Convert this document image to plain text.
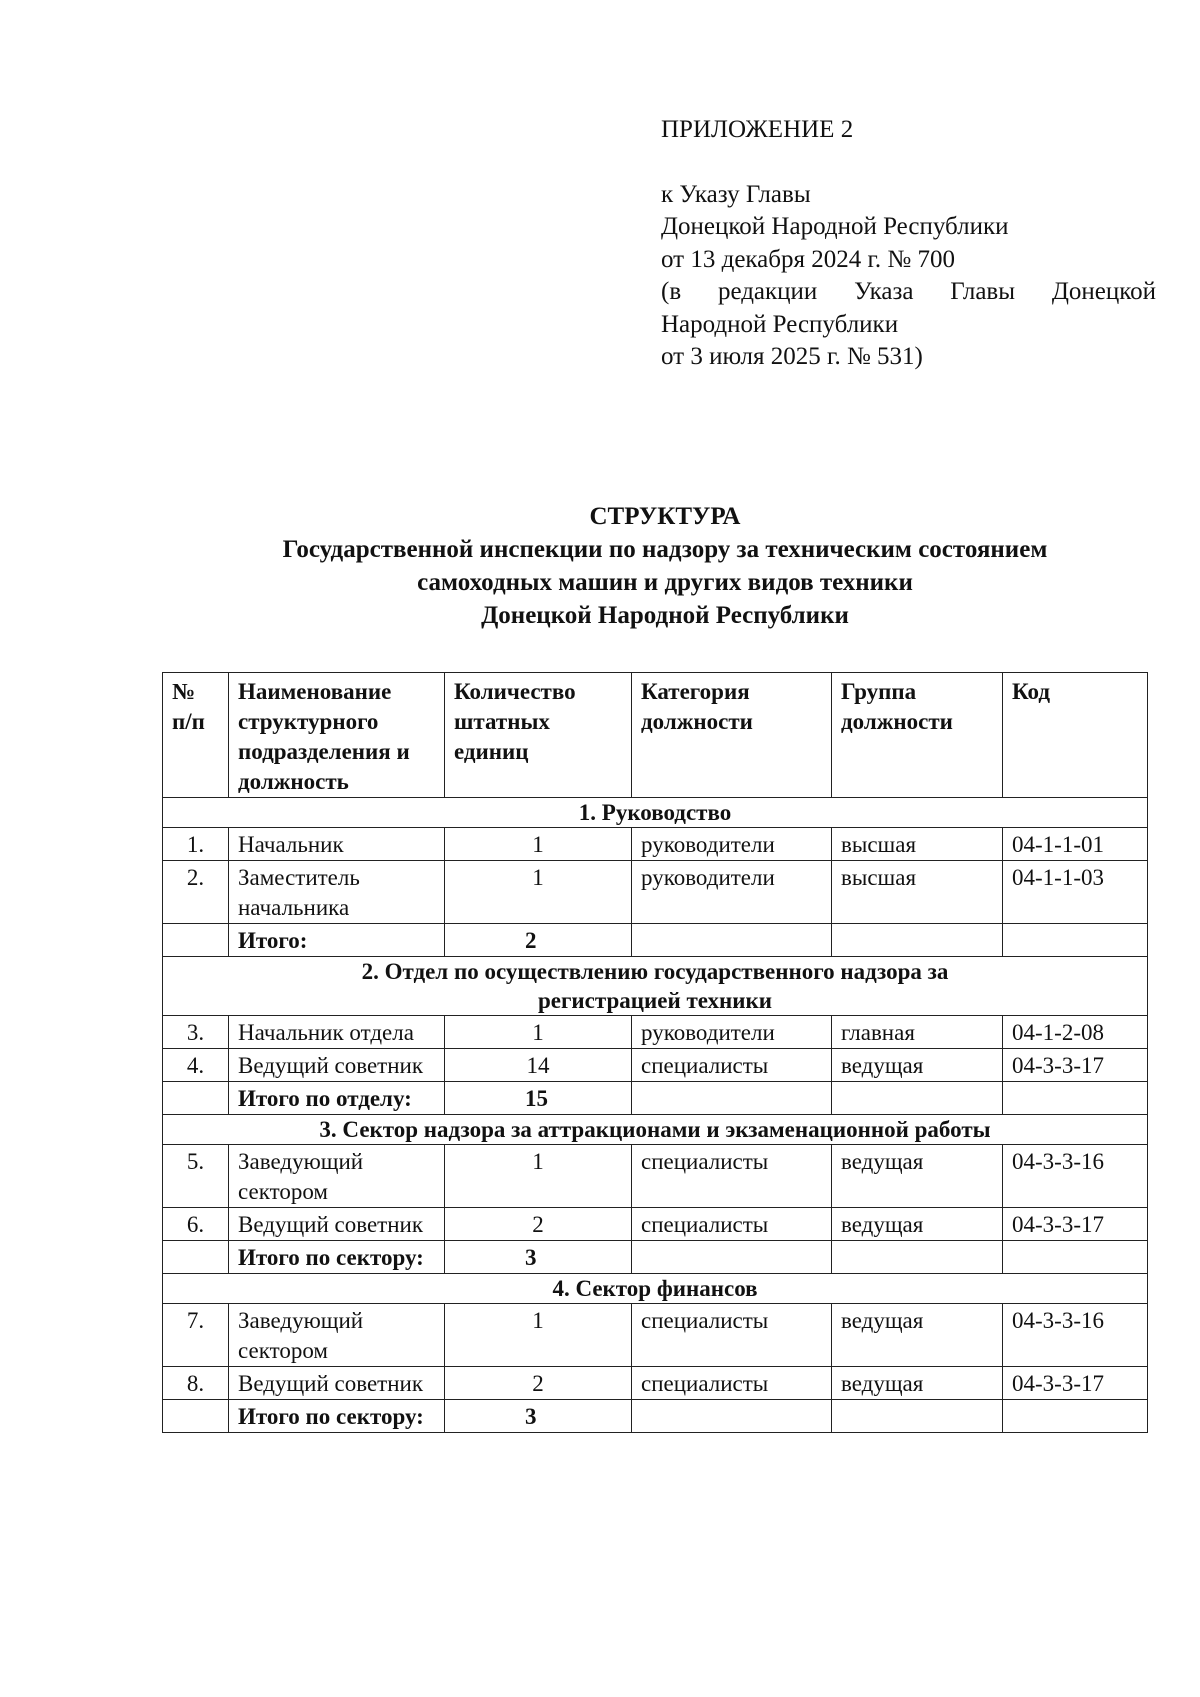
ПРИЛОЖЕНИЕ 2
к Указу Главы
Донецкой Народной Республики
от 13 декабря 2024 г. № 700
(в редакции Указа Главы Донецкой
Народной Республики
от 3 июля 2025 г. № 531)
СТРУКТУРА
Государственной инспекции по надзору за техническим состоянием
самоходных машин и других видов техники
Донецкой Народной Республики
№ п/п	Наименование структурного подразделения и должность	Количество штатных единиц	Категория должности	Группа должности	Код
1. Руководство					
1.	Начальник	1	руководители	высшая	04-1-1-01
2.	Заместитель начальника	1	руководители	высшая	04-1-1-03
	Итого:	2			

2. Отдел по осуществлению государственного надзора за регистрацией техники					

3.	Начальник отдела	1	руководители	главная	04-1-2-08
4.	Ведущий советник	14	специалисты	ведущая	04-3-3-17
	Итого по отделу:	15			
3. Сектор надзора за аттракционами и экзаменационной работы					
5.	Заведующий сектором	1	специалисты	ведущая	04-3-3-16
6.	Ведущий советник	2	специалисты	ведущая	04-3-3-17
	Итого по сектору:	3			
4. Сектор финансов					
7.	Заведующий сектором	1	специалисты	ведущая	04-3-3-16
8.	Ведущий советник	2	специалисты	ведущая	04-3-3-17
	Итого по сектору:	3			
